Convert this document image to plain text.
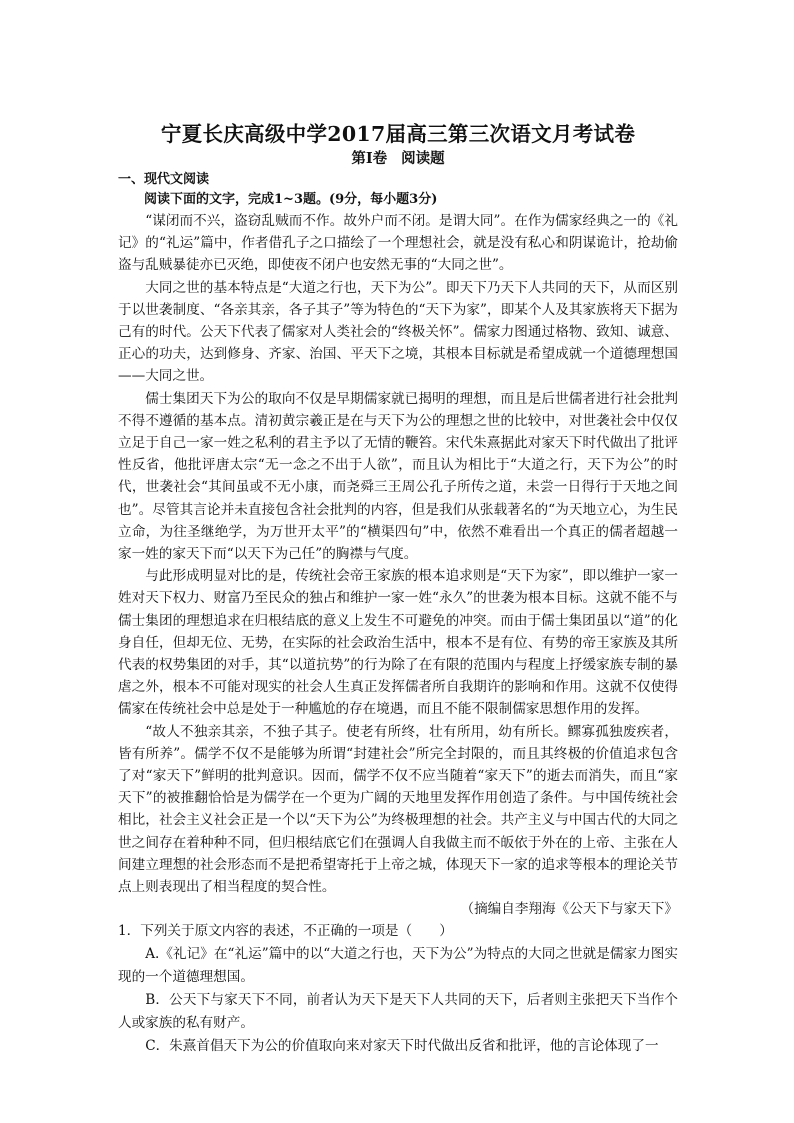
宁夏长庆高级中学2017届高三第三次语文月考试卷

第I卷 阅读题

一、现代文阅读

阅读下面的文字，完成1~3题。(9分，每小题3分)

“谋闭而不兴，盗窃乱贼而不作。故外户而不闭。是谓大同”。在作为儒家经典之一的《礼记》的“礼运”篇中，作者借孔子之口描绘了一个理想社会，就是没有私心和阴谋诡计，抢劫偷盗与乱贼暴徒亦已灭绝，即使夜不闭户也安然无事的“大同之世”。

大同之世的基本特点是“大道之行也，天下为公”。即天下乃天下人共同的天下，从而区别于以世袭制度、“各亲其亲，各子其子”等为特色的“天下为家”，即某个人及其家族将天下据为己有的时代。公天下代表了儒家对人类社会的“终极关怀”。儒家力图通过格物、致知、诚意、正心的功夫，达到修身、齐家、治国、平天下之境，其根本目标就是希望成就一个道德理想国 ——大同之世。

儒士集团天下为公的取向不仅是早期儒家就已揭明的理想，而且是后世儒者进行社会批判不得不遵循的基本点。清初黄宗羲正是在与天下为公的理想之世的比较中，对世袭社会中仅仅立足于自己一家一姓之私利的君主予以了无情的鞭笞。宋代朱熹据此对家天下时代做出了批评性反省，他批评唐太宗“无一念之不出于人欲”，而且认为相比于“大道之行，天下为公”的时代，世袭社会“其间虽或不无小康，而尧舜三王周公孔子所传之道，未尝一日得行于天地之间也”。尽管其言论并未直接包含社会批判的内容，但是我们从张载著名的“为天地立心，为生民立命，为往圣继绝学，为万世开太平”的“横渠四句”中，依然不难看出一个真正的儒者超越一家一姓的家天下而“以天下为己任”的胸襟与气度。

与此形成明显对比的是，传统社会帝王家族的根本追求则是“天下为家”，即以维护一家一姓对天下权力、财富乃至民众的独占和维护一家一姓“永久”的世袭为根本目标。这就不能不与儒士集团的理想追求在归根结底的意义上发生不可避免的冲突。而由于儒士集团虽以“道”的化身自任，但却无位、无势，在实际的社会政治生活中，根本不是有位、有势的帝王家族及其所代表的权势集团的对手，其“以道抗势”的行为除了在有限的范围内与程度上抒缓家族专制的暴虐之外，根本不可能对现实的社会人生真正发挥儒者所自我期许的影响和作用。这就不仅使得儒家在传统社会中总是处于一种尴尬的存在境遇，而且不能不限制儒家思想作用的发挥。

“故人不独亲其亲，不独子其子。使老有所终，壮有所用，幼有所长。鳏寡孤独废疾者，皆有所养”。儒学不仅不是能够为所谓“封建社会”所完全封限的，而且其终极的价值追求包含了对“家天下”鲜明的批判意识。因而，儒学不仅不应当随着“家天下”的逝去而消失，而且“家天下”的被推翻恰恰是为儒学在一个更为广阔的天地里发挥作用创造了条件。与中国传统社会相比，社会主义社会正是一个以“天下为公”为终极理想的社会。共产主义与中国古代的大同之世之间存在着种种不同，但归根结底它们在强调人自我做主而不皈依于外在的上帝、主张在人间建立理想的社会形态而不是把希望寄托于上帝之城，体现天下一家的追求等根本的理论关节点上则表现出了相当程度的契合性。

（摘编自李翔海《公天下与家天下》

1．下列关于原文内容的表述，不正确的一项是（　　）

A.《礼记》在“礼运”篇中的以“大道之行也，天下为公”为特点的大同之世就是儒家力图实现的一个道德理想国。

B．公天下与家天下不同，前者认为天下是天下人共同的天下，后者则主张把天下当作个人或家族的私有财产。

C．朱熹首倡天下为公的价值取向来对家天下时代做出反省和批评，他的言论体现了一
